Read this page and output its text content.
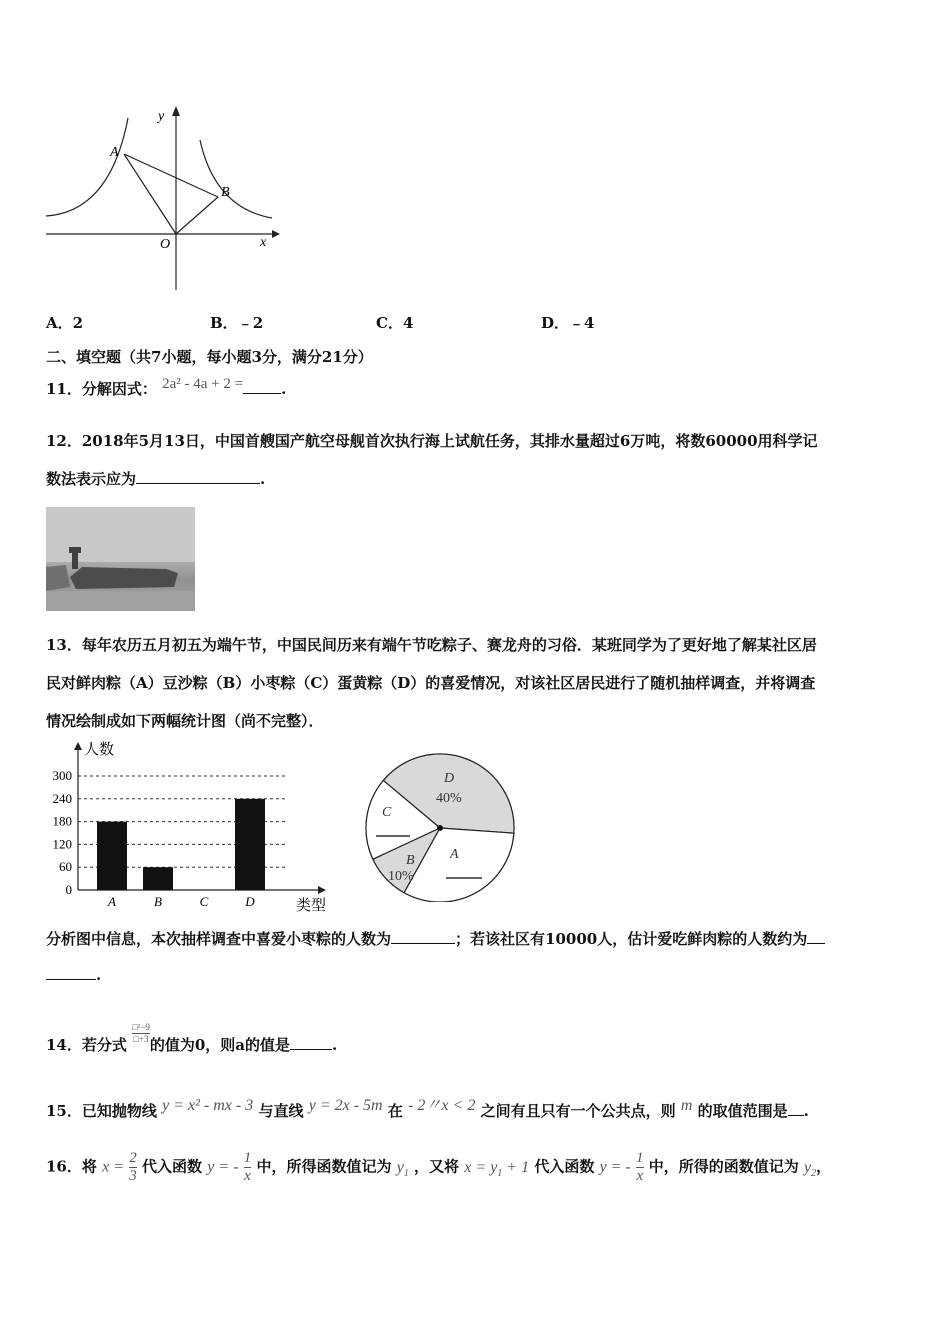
y
x
O
A
B
A．2	B．﹣2	C．4	D．﹣4
二、填空题（共7小题，每小题3分，满分21分）
11．分解因式： 2a² - 4a + 2 =	.
12．2018年5月13日，中国首艘国产航空母舰首次执行海上试航任务，其排水量超过6万吨，将数60000用科学记
数法表示应为	.
13．每年农历五月初五为端午节，中国民间历来有端午节吃粽子、赛龙舟的习俗．某班同学为了更好地了解某社区居
民对鲜肉粽（A）豆沙粽（B）小枣粽（C）蛋黄粽（D）的喜爱情况，对该社区居民进行了随机抽样调查，并将调查
情况绘制成如下两幅统计图（尚不完整）．
0
60
120
180
240
300
人数
类型
A	B	C	D
D
40%
C
B
10%
A
分析图中信息，本次抽样调查中喜爱小枣粽的人数为	；若该社区有10000人，估计爱吃鲜肉粽的人数约为
.
14．若分式 $\frac{\text{□²−9}}{□+3}$ 的值为0，则a的值是	.
15．已知抛物线 y = x² - mx - 3 与直线 y = 2x - 5m 在 - 2〃x < 2 之间有且只有一个公共点，则 m 的取值范围是 .
16．将 $x = \frac{2}{3}$ 代入函数 y = - $\frac{1}{x}$ 中，所得函数值记为 $y_1$ ，又将 $x = y_1 + 1$ 代入函数 y = - $\frac{1}{x}$ 中，所得的函数值记为 $y_2$，
